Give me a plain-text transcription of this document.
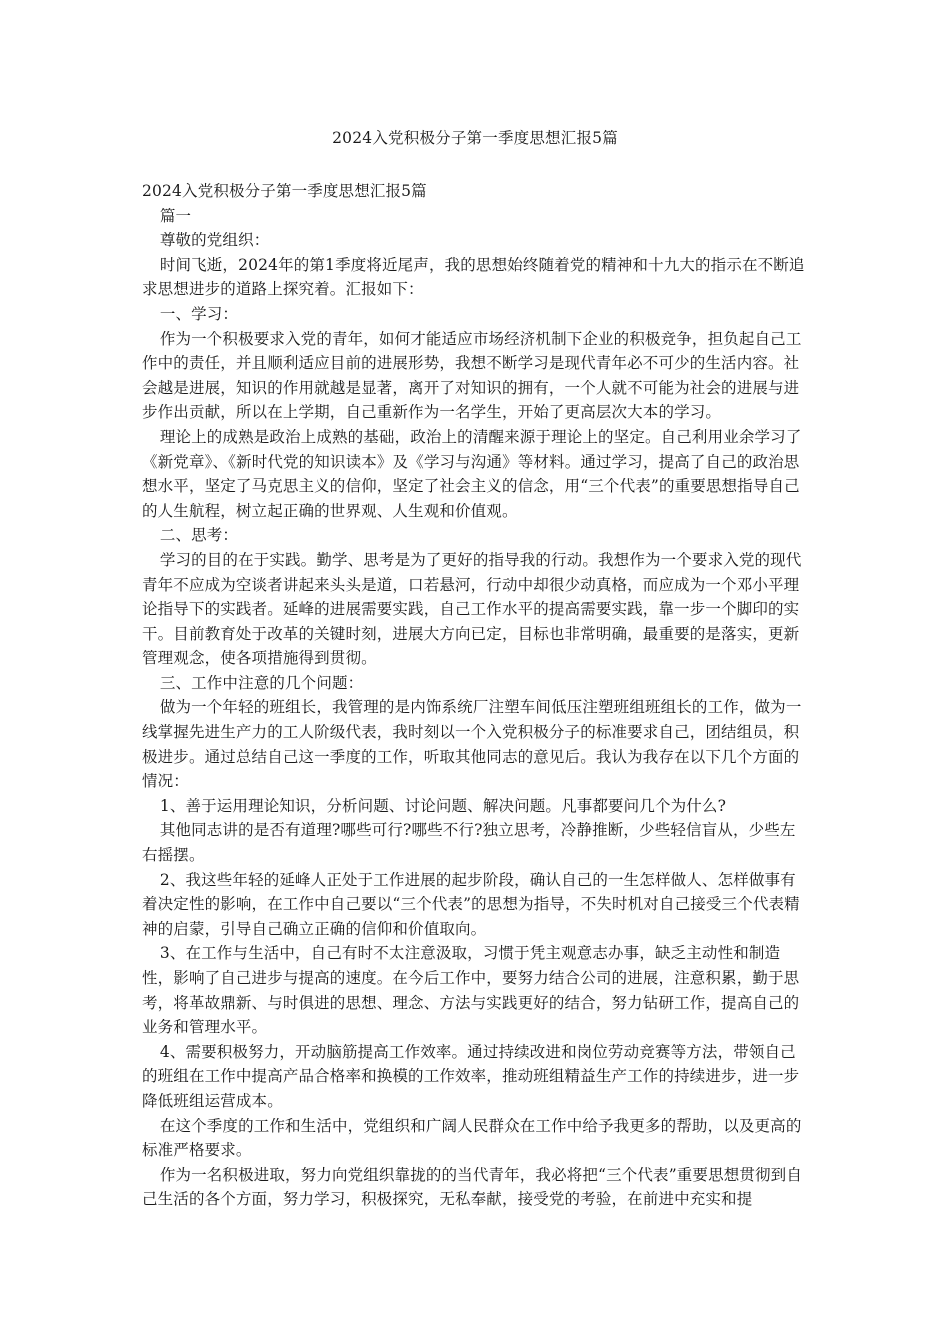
2024入党积极分子第一季度思想汇报5篇

2024入党积极分子第一季度思想汇报5篇

篇一

尊敬的党组织：

时间飞逝，2024年的第1季度将近尾声，我的思想始终随着党的精神和十九大的指示在不断追求思想进步的道路上探究着。汇报如下：

一、学习：

作为一个积极要求入党的青年，如何才能适应市场经济机制下企业的积极竞争，担负起自己工作中的责任，并且顺利适应目前的进展形势，我想不断学习是现代青年必不可少的生活内容。社会越是进展，知识的作用就越是显著，离开了对知识的拥有，一个人就不可能为社会的进展与进步作出贡献，所以在上学期，自己重新作为一名学生，开始了更高层次大本的学习。

理论上的成熟是政治上成熟的基础，政治上的清醒来源于理论上的坚定。自己利用业余学习了《新党章》、《新时代党的知识读本》及《学习与沟通》等材料。通过学习，提高了自己的政治思想水平，坚定了马克思主义的信仰，坚定了社会主义的信念，用“三个代表”的重要思想指导自己的人生航程，树立起正确的世界观、人生观和价值观。

二、思考：

学习的目的在于实践。勤学、思考是为了更好的指导我的行动。我想作为一个要求入党的现代青年不应成为空谈者讲起来头头是道，口若悬河，行动中却很少动真格，而应成为一个邓小平理论指导下的实践者。延峰的进展需要实践，自己工作水平的提高需要实践，靠一步一个脚印的实干。目前教育处于改革的关键时刻，进展大方向已定，目标也非常明确，最重要的是落实，更新管理观念，使各项措施得到贯彻。

三、工作中注意的几个问题：

做为一个年轻的班组长，我管理的是内饰系统厂注塑车间低压注塑班组班组长的工作，做为一线掌握先进生产力的工人阶级代表，我时刻以一个入党积极分子的标准要求自己，团结组员，积极进步。通过总结自己这一季度的工作，听取其他同志的意见后。我认为我存在以下几个方面的情况：

1、善于运用理论知识，分析问题、讨论问题、解决问题。凡事都要问几个为什么?

其他同志讲的是否有道理?哪些可行?哪些不行?独立思考，冷静推断，少些轻信盲从，少些左右摇摆。

2、我这些年轻的延峰人正处于工作进展的起步阶段，确认自己的一生怎样做人、怎样做事有着决定性的影响，在工作中自己要以“三个代表”的思想为指导，不失时机对自己接受三个代表精神的启蒙，引导自己确立正确的信仰和价值取向。

3、在工作与生活中，自己有时不太注意汲取，习惯于凭主观意志办事，缺乏主动性和制造性，影响了自己进步与提高的速度。在今后工作中，要努力结合公司的进展，注意积累，勤于思考，将革故鼎新、与时俱进的思想、理念、方法与实践更好的结合，努力钻研工作，提高自己的业务和管理水平。

4、需要积极努力，开动脑筋提高工作效率。通过持续改进和岗位劳动竞赛等方法，带领自己的班组在工作中提高产品合格率和换模的工作效率，推动班组精益生产工作的持续进步，进一步降低班组运营成本。

在这个季度的工作和生活中，党组织和广阔人民群众在工作中给予我更多的帮助，以及更高的标准严格要求。

作为一名积极进取，努力向党组织靠拢的的当代青年，我必将把“三个代表”重要思想贯彻到自己生活的各个方面，努力学习，积极探究，无私奉献，接受党的考验，在前进中充实和提
